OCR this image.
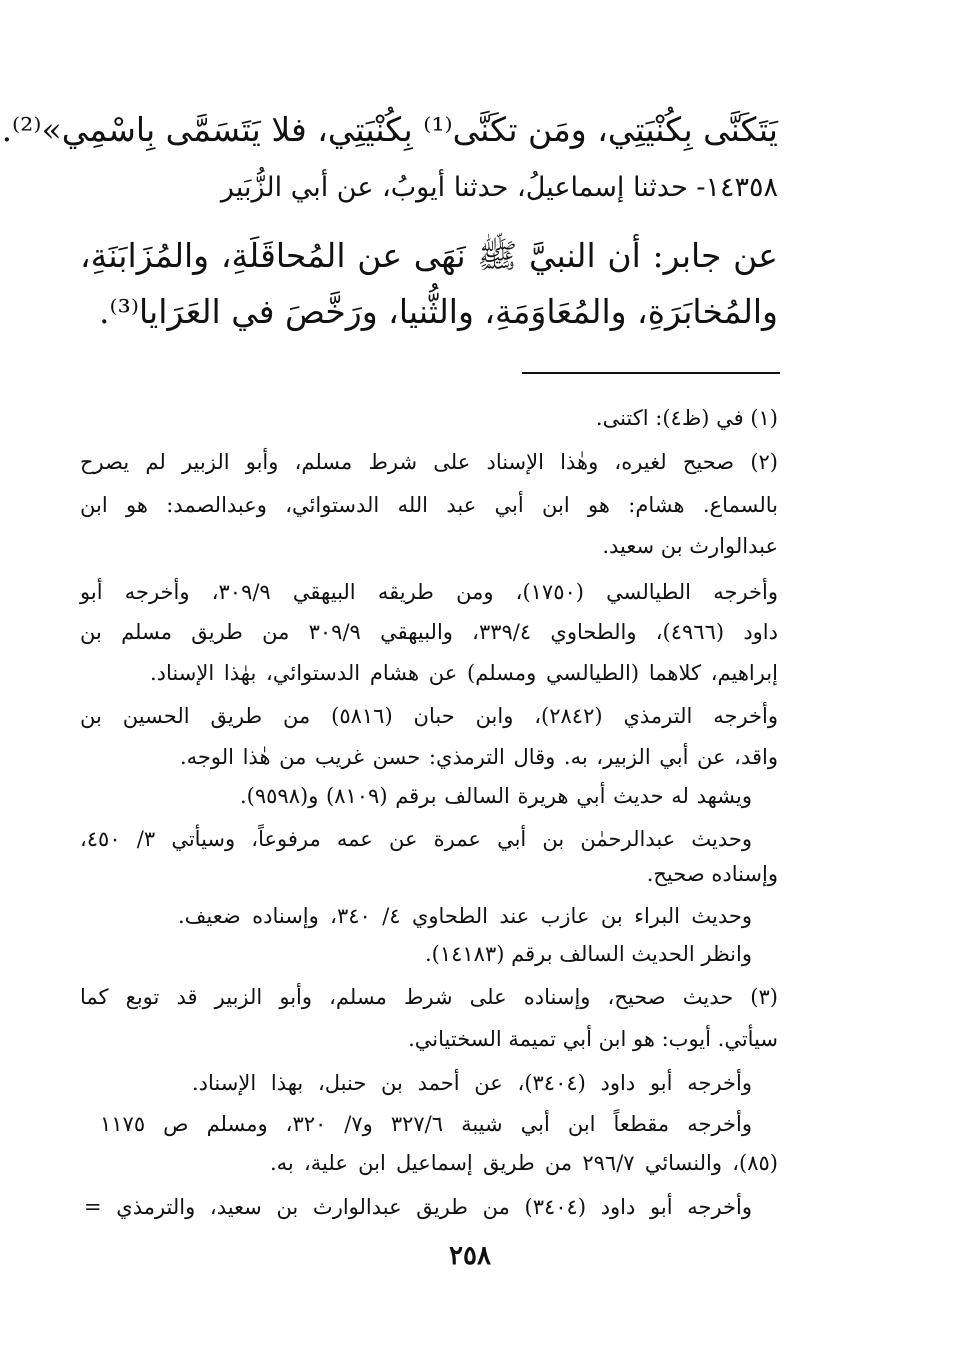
يَتَكَنَّى بِكُنْيَتِي، ومَن تكَنَّى⁽¹⁾ بِكُنْيَتِي، فلا يَتَسَمَّى بِاسْمِي»⁽²⁾.
١٤٣٥٨- حدثنا إسماعيلُ، حدثنا أيوبُ، عن أبي الزُّبَير
عن جابر: أن النبيَّ ﷺ نَهَى عن المُحاقَلَةِ، والمُزَابَنَةِ،
والمُخابَرَةِ، والمُعَاوَمَةِ، والثُّنيا، ورَخَّصَ في العَرَايا⁽³⁾.
(١) في (ظ٤): اكتنى.
(٢) صحيح لغيره، وهٰذا الإسناد على شرط مسلم، وأبو الزبير لم يصرح
بالسماع. هشام: هو ابن أبي عبد الله الدستوائي، وعبدالصمد: هو ابن
عبدالوارث بن سعيد.
وأخرجه الطيالسي (١٧٥٠)، ومن طريقه البيهقي ٣٠٩/٩، وأخرجه أبو
داود (٤٩٦٦)، والطحاوي ٣٣٩/٤، والبيهقي ٣٠٩/٩ من طريق مسلم بن
إبراهيم، كلاهما (الطيالسي ومسلم) عن هشام الدستوائي، بهٰذا الإسناد.
وأخرجه الترمذي (٢٨٤٢)، وابن حبان (٥٨١٦) من طريق الحسين بن
واقد، عن أبي الزبير، به. وقال الترمذي: حسن غريب من هٰذا الوجه.
ويشهد له حديث أبي هريرة السالف برقم (٨١٠٩) و(٩٥٩٨).
وحديث عبدالرحمٰن بن أبي عمرة عن عمه مرفوعاً، وسيأتي ٣/ ٤٥٠،
وإسناده صحيح.
وحديث البراء بن عازب عند الطحاوي ٤/ ٣٤٠، وإسناده ضعيف.
وانظر الحديث السالف برقم (١٤١٨٣).
(٣) حديث صحيح، وإسناده على شرط مسلم، وأبو الزبير قد توبع كما
سيأتي. أيوب: هو ابن أبي تميمة السختياني.
وأخرجه أبو داود (٣٤٠٤)، عن أحمد بن حنبل، بهذا الإسناد.
وأخرجه مقطعاً ابن أبي شيبة ٣٢٧/٦ و٧/ ٣٢٠، ومسلم ص ١١٧٥
(٨٥)، والنسائي ٢٩٦/٧ من طريق إسماعيل ابن علية، به.
وأخرجه أبو داود (٣٤٠٤) من طريق عبدالوارث بن سعيد، والترمذي =
٢٥٨
